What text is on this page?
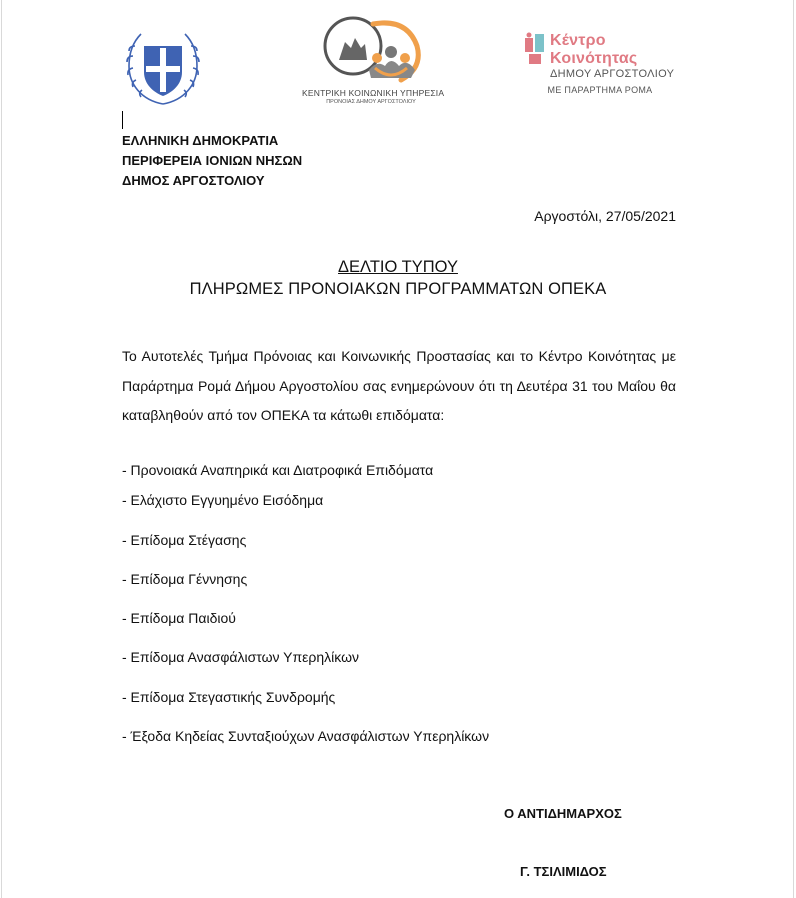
ΚΕΝΤΡΙΚΗ ΚΟΙΝΩΝΙΚΗ ΥΠΗΡΕΣΙΑ
ΠΡΟΝΟΙΑΣ ΔΗΜΟΥ ΑΡΓΟΣΤΟΛΙΟΥ
Κέντρο
Κοινότητας
ΔΗΜΟΥ ΑΡΓΟΣΤΟΛΙΟΥ
ΜΕ ΠΑΡΑΡΤΗΜΑ ΡΟΜΑ
ΕΛΛΗΝΙΚΗ ΔΗΜΟΚΡΑΤΙΑ
ΠΕΡΙΦΕΡΕΙΑ ΙΟΝΙΩΝ ΝΗΣΩΝ
ΔΗΜΟΣ ΑΡΓΟΣΤΟΛΙΟΥ
Αργοστόλι, 27/05/2021
ΔΕΛΤΙΟ ΤΥΠΟΥ
ΠΛΗΡΩΜΕΣ ΠΡΟΝΟΙΑΚΩΝ ΠΡΟΓΡΑΜΜΑΤΩΝ ΟΠΕΚΑ
Το Αυτοτελές Τμήμα Πρόνοιας και Κοινωνικής Προστασίας και το Κέντρο Κοινότητας με Παράρτημα Ρομά Δήμου Αργοστολίου σας ενημερώνουν ότι τη Δευτέρα 31 του Μαΐου θα καταβληθούν από τον ΟΠΕΚΑ τα κάτωθι επιδόματα:
- Προνοιακά Αναπηρικά και Διατροφικά Επιδόματα
- Ελάχιστο Εγγυημένο Εισόδημα
- Επίδομα Στέγασης
- Επίδομα Γέννησης
- Επίδομα Παιδιού
- Επίδομα Ανασφάλιστων Υπερηλίκων
- Επίδομα Στεγαστικής Συνδρομής
- Έξοδα Κηδείας Συνταξιούχων Ανασφάλιστων Υπερηλίκων
Ο ΑΝΤΙΔΗΜΑΡΧΟΣ
Γ. ΤΣΙΛΙΜΙΔΟΣ
